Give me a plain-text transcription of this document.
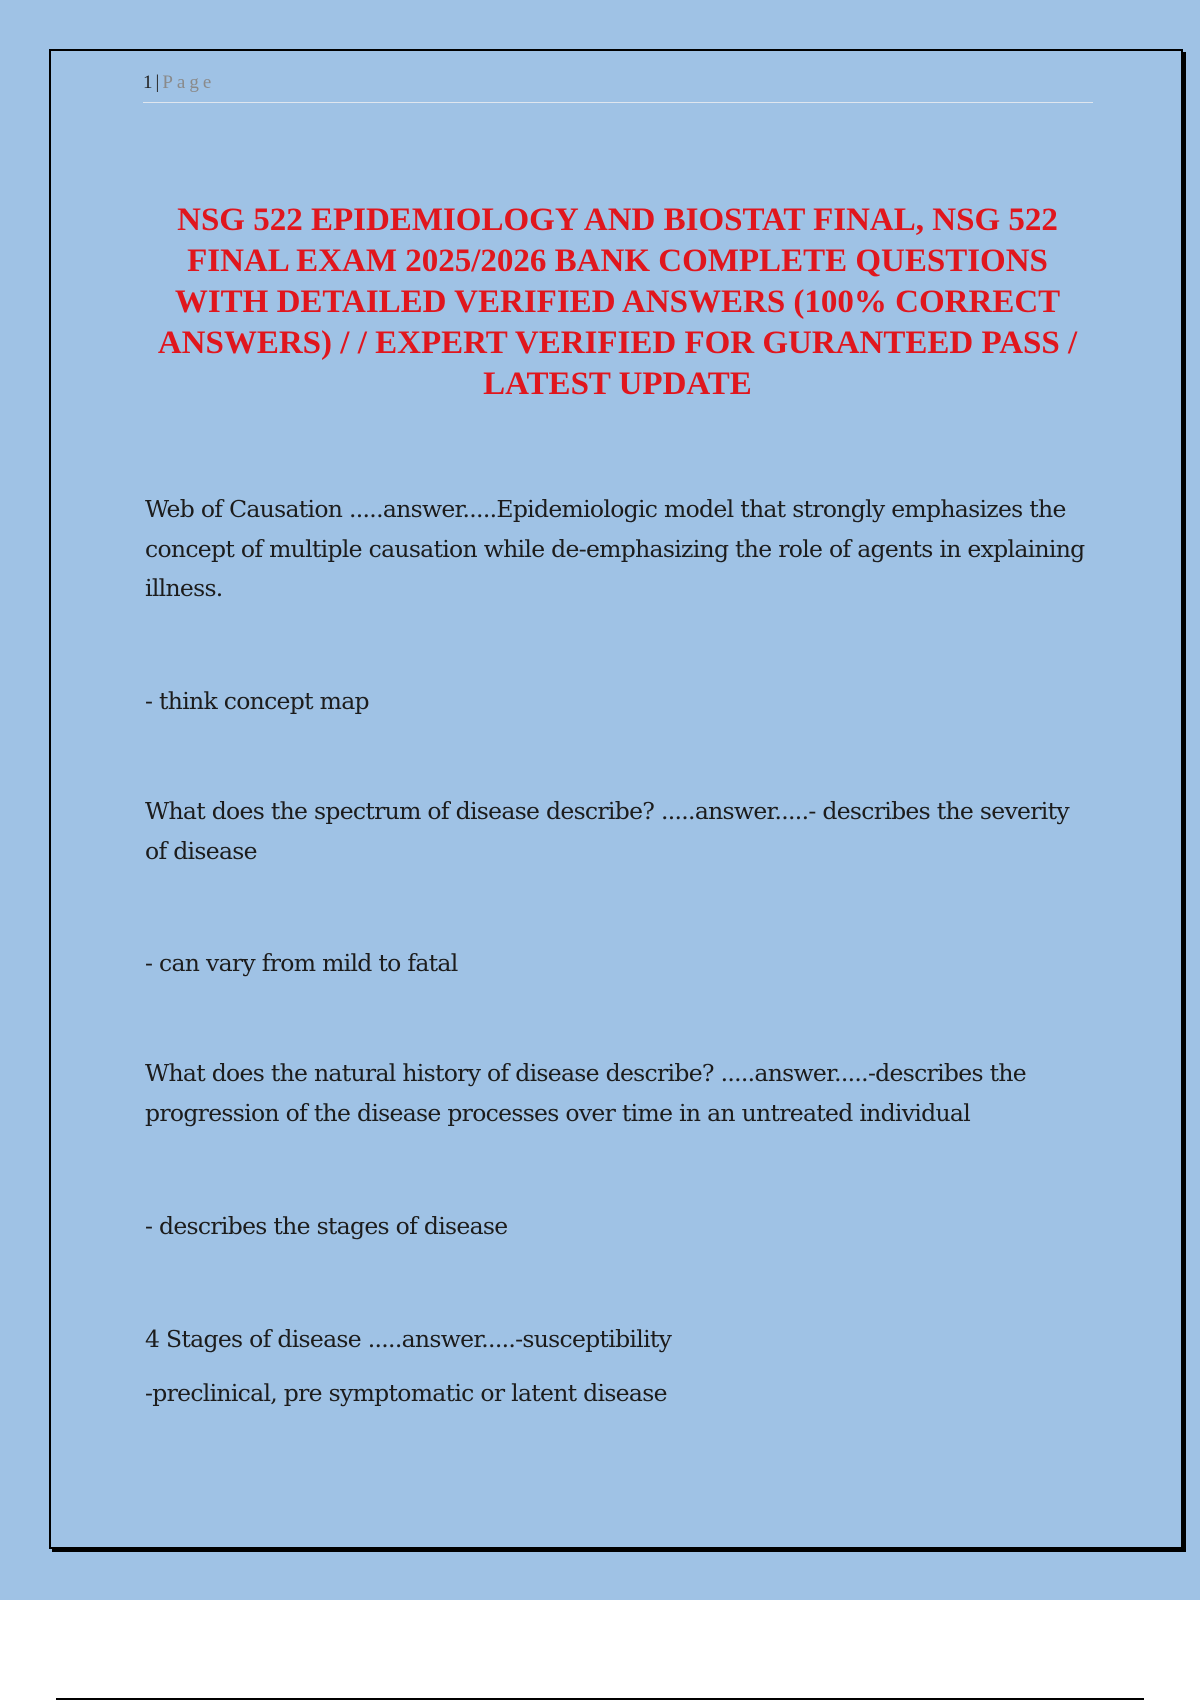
1 | Page
NSG 522 EPIDEMIOLOGY AND BIOSTAT FINAL, NSG 522 FINAL EXAM 2025/2026 BANK COMPLETE QUESTIONS WITH DETAILED VERIFIED ANSWERS (100% CORRECT ANSWERS) / / EXPERT VERIFIED FOR GURANTEED PASS / LATEST UPDATE

Web of Causation .....answer.....Epidemiologic model that strongly emphasizes the concept of multiple causation while de-emphasizing the role of agents in explaining illness.

- think concept map

What does the spectrum of disease describe? .....answer.....- describes the severity of disease

- can vary from mild to fatal

What does the natural history of disease describe? .....answer.....-describes the progression of the disease processes over time in an untreated individual

- describes the stages of disease

4 Stages of disease .....answer.....-susceptibility

-preclinical, pre symptomatic or latent disease
